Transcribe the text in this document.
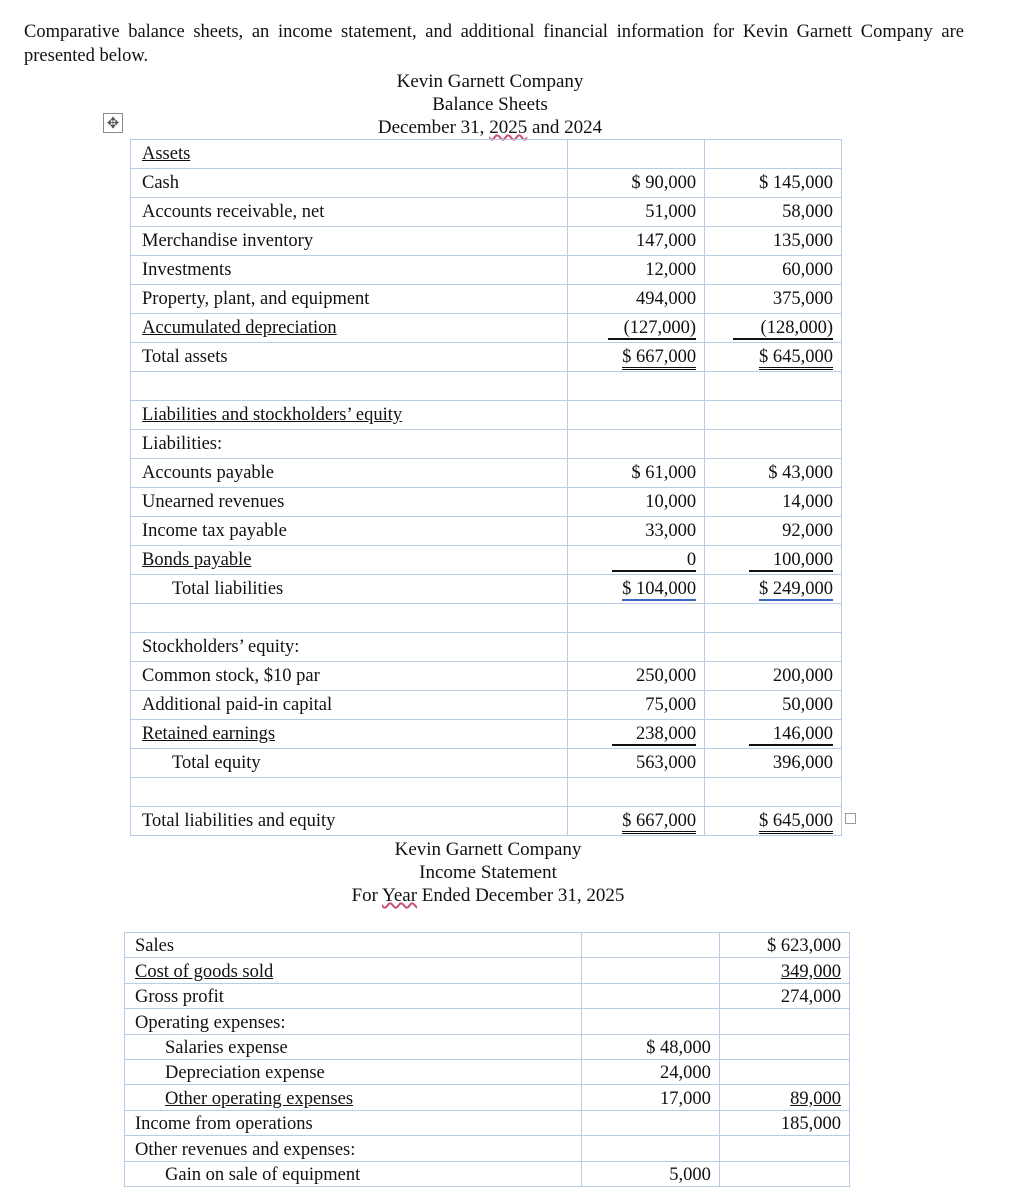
Comparative balance sheets, an income statement, and additional financial information for Kevin Garnett Company are presented below.
Kevin Garnett Company
Balance Sheets
December 31, 2025 and 2024
✥
Assets		
Cash	$ 90,000	$ 145,000
Accounts receivable, net	51,000	58,000
Merchandise inventory	147,000	135,000
Investments	12,000	60,000
Property, plant, and equipment	494,000	375,000
Accumulated depreciation	(127,000)	(128,000)
Total assets	$ 667,000	$ 645,000

Liabilities and stockholders’ equity		
Liabilities:		
Accounts payable	$ 61,000	$ 43,000
Unearned revenues	10,000	14,000
Income tax payable	33,000	92,000
Bonds payable	0	100,000
Total liabilities	$ 104,000	$ 249,000

Stockholders’ equity:		
Common stock, $10 par	250,000	200,000
Additional paid-in capital	75,000	50,000
Retained earnings	238,000	146,000
Total equity	563,000	396,000

Total liabilities and equity	$ 667,000	$ 645,000
Kevin Garnett Company
Income Statement
For Year Ended December 31, 2025
Sales		$ 623,000
Cost of goods sold		349,000
Gross profit		274,000
Operating expenses:		
Salaries expense	$ 48,000	
Depreciation expense	24,000	
Other operating expenses	17,000	89,000
Income from operations		185,000
Other revenues and expenses:		
Gain on sale of equipment	5,000	
